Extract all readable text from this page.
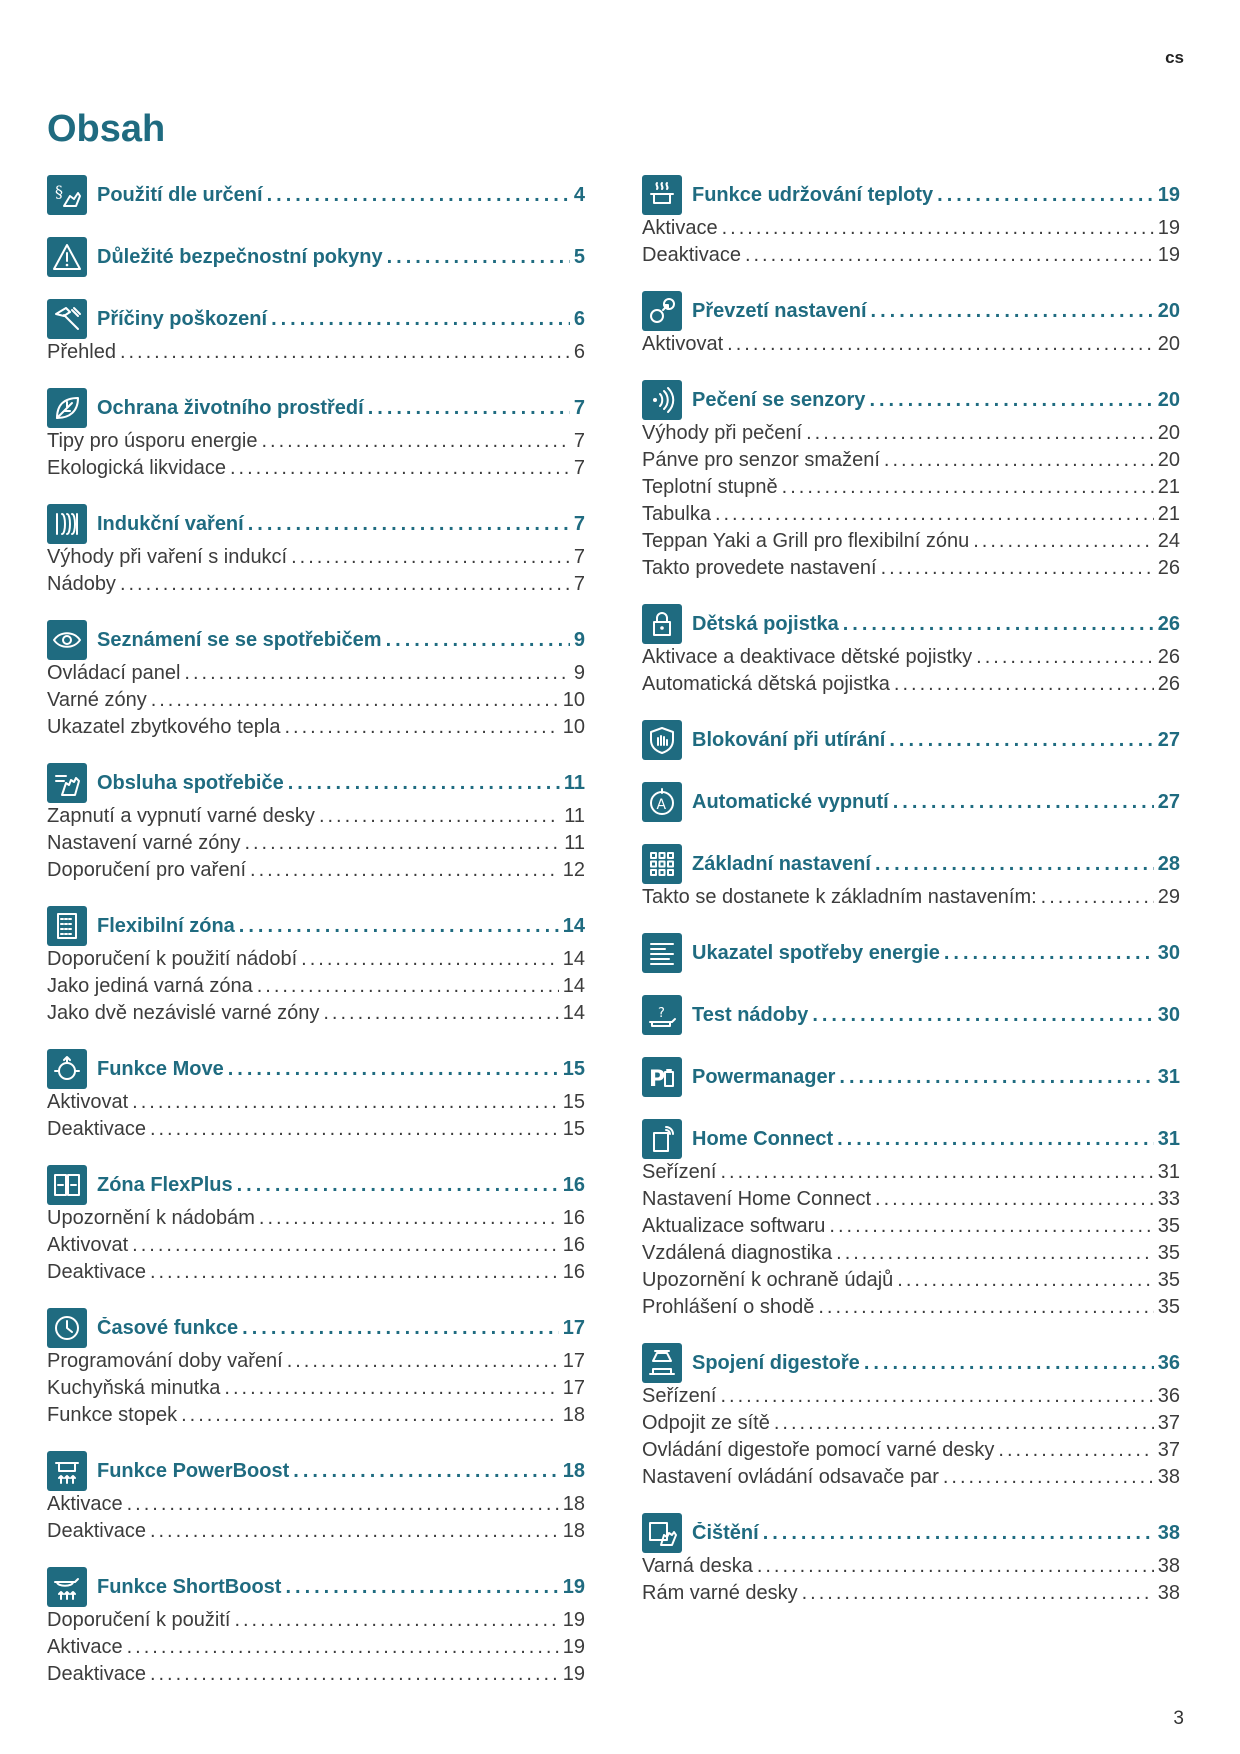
cs
Obsah
§ Použití dle určení .....	4
Důležité bezpečnostní pokyny .....	5
Příčiny poškození .....	6
Přehled .....	6
Ochrana životního prostředí .....	7
Tipy pro úsporu energie .....	7
Ekologická likvidace .....	7
Indukční vaření .....	7
Výhody při vaření s indukcí .....	7
Nádoby .....	7
Seznámení se se spotřebičem .....	9
Ovládací panel .....	9
Varné zóny .....	10
Ukazatel zbytkového tepla .....	10
Obsluha spotřebiče .....	11
Zapnutí a vypnutí varné desky .....	11
Nastavení varné zóny .....	11
Doporučení pro vaření .....	12
Flexibilní zóna .....	14
Doporučení k použití nádobí .....	14
Jako jediná varná zóna .....	14
Jako dvě nezávislé varné zóny .....	14
Funkce Move .....	15
Aktivovat .....	15
Deaktivace .....	15
Zóna FlexPlus .....	16
Upozornění k nádobám .....	16
Aktivovat .....	16
Deaktivace .....	16
Časové funkce .....	17
Programování doby vaření .....	17
Kuchyňská minutka .....	17
Funkce stopek .....	18
Funkce PowerBoost .....	18
Aktivace .....	18
Deaktivace .....	18
Funkce ShortBoost .....	19
Doporučení k použití .....	19
Aktivace .....	19
Deaktivace .....	19
Funkce udržování teploty .....	19
Aktivace .....	19
Deaktivace .....	19
Převzetí nastavení .....	20
Aktivovat .....	20
Pečení se senzory .....	20
Výhody při pečení .....	20
Pánve pro senzor smažení .....	20
Teplotní stupně .....	21
Tabulka .....	21
Teppan Yaki a Grill pro flexibilní zónu .....	24
Takto provedete nastavení .....	26
Dětská pojistka .....	26
Aktivace a deaktivace dětské pojistky .....	26
Automatická dětská pojistka .....	26
Blokování při utírání .....	27
A Automatické vypnutí .....	27
Základní nastavení .....	28
Takto se dostanete k základním nastavením: .....	29
Ukazatel spotřeby energie .....	30
? Test nádoby .....	30
P Powermanager .....	31
Home Connect .....	31
Seřízení .....	31
Nastavení Home Connect .....	33
Aktualizace softwaru .....	35
Vzdálená diagnostika .....	35
Upozornění k ochraně údajů .....	35
Prohlášení o shodě .....	35
Spojení digestoře .....	36
Seřízení .....	36
Odpojit ze sítě .....	37
Ovládání digestoře pomocí varné desky .....	37
Nastavení ovládání odsavače par .....	38
Čištění .....	38
Varná deska .....	38
Rám varné desky .....	38
3
